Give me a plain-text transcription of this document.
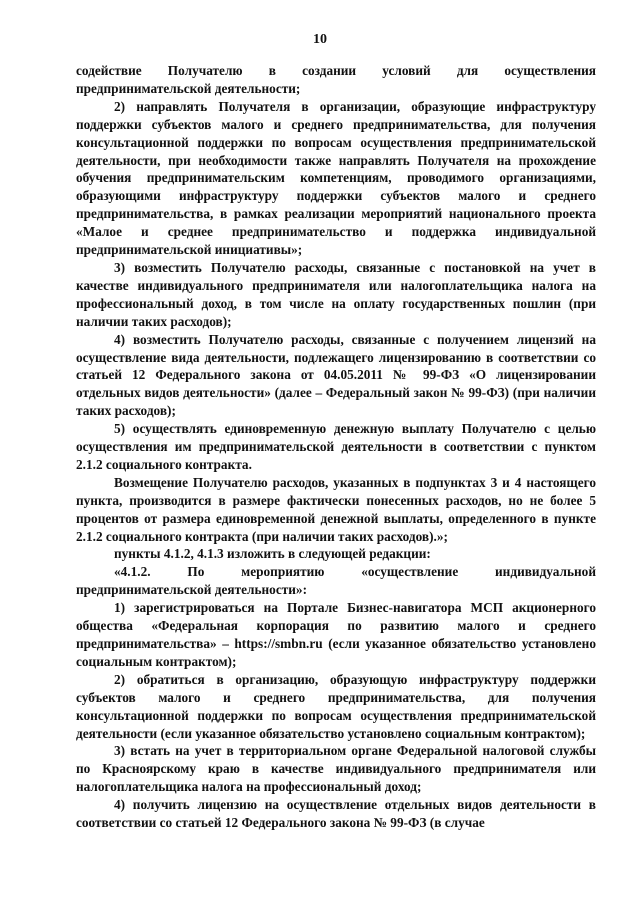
10

содействие Получателю в создании условий для осуществления предпринимательской деятельности;

2) направлять Получателя в организации, образующие инфраструктуру поддержки субъектов малого и среднего предпринимательства, для получения консультационной поддержки по вопросам осуществления предпринимательской деятельности, при необходимости также направлять Получателя на прохождение обучения предпринимательским компетенциям, проводимого организациями, образующими инфраструктуру поддержки субъектов малого и среднего предпринимательства, в рамках реализации мероприятий национального проекта «Малое и среднее предпринимательство и поддержка индивидуальной предпринимательской инициативы»;

3) возместить Получателю расходы, связанные с постановкой на учет в качестве индивидуального предпринимателя или налогоплательщика налога на профессиональный доход, в том числе на оплату государственных пошлин (при наличии таких расходов);

4) возместить Получателю расходы, связанные с получением лицензий на осуществление вида деятельности, подлежащего лицензированию в соответствии со статьей 12 Федерального закона от 04.05.2011 № 99-ФЗ «О лицензировании отдельных видов деятельности» (далее – Федеральный закон № 99-ФЗ) (при наличии таких расходов);

5) осуществлять единовременную денежную выплату Получателю с целью осуществления им предпринимательской деятельности в соответствии с пунктом 2.1.2 социального контракта.

Возмещение Получателю расходов, указанных в подпунктах 3 и 4 настоящего пункта, производится в размере фактически понесенных расходов, но не более 5 процентов от размера единовременной денежной выплаты, определенного в пункте 2.1.2 социального контракта (при наличии таких расходов).»;

пункты 4.1.2, 4.1.3 изложить в следующей редакции:

«4.1.2. По мероприятию «осуществление индивидуальной предпринимательской деятельности»:

1) зарегистрироваться на Портале Бизнес-навигатора МСП акционерного общества «Федеральная корпорация по развитию малого и среднего предпринимательства» – https://smbn.ru (если указанное обязательство установлено социальным контрактом);

2) обратиться в организацию, образующую инфраструктуру поддержки субъектов малого и среднего предпринимательства, для получения консультационной поддержки по вопросам осуществления предпринимательской деятельности (если указанное обязательство установлено социальным контрактом);

3) встать на учет в территориальном органе Федеральной налоговой службы по Красноярскому краю в качестве индивидуального предпринимателя или налогоплательщика налога на профессиональный доход;

4) получить лицензию на осуществление отдельных видов деятельности в соответствии со статьей 12 Федерального закона № 99-ФЗ (в случае
